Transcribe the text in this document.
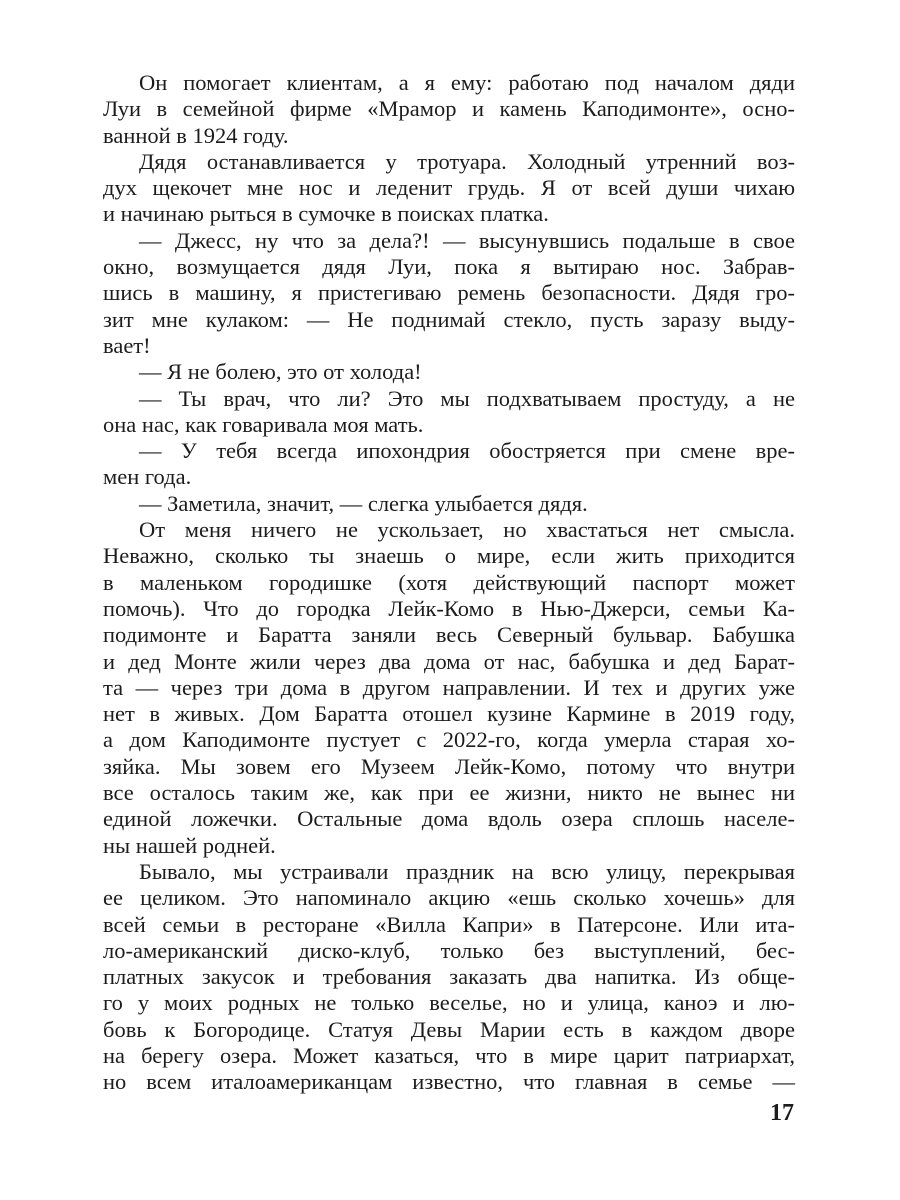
Он помогает клиентам, а я ему: работаю под началом дяди
Луи в семейной фирме «Мрамор и камень Каподимонте», осно-
ванной в 1924 году.
Дядя останавливается у тротуара. Холодный утренний воз-
дух щекочет мне нос и леденит грудь. Я от всей души чихаю
и начинаю рыться в сумочке в поисках платка.
— Джесс, ну что за дела?! — высунувшись подальше в свое
окно, возмущается дядя Луи, пока я вытираю нос. Забрав-
шись в машину, я пристегиваю ремень безопасности. Дядя гро-
зит мне кулаком: — Не поднимай стекло, пусть заразу выду-
вает!
— Я не болею, это от холода!
— Ты врач, что ли? Это мы подхватываем простуду, а не
она нас, как говаривала моя мать.
— У тебя всегда ипохондрия обостряется при смене вре-
мен года.
— Заметила, значит, — слегка улыбается дядя.
От меня ничего не ускользает, но хвастаться нет смысла.
Неважно, сколько ты знаешь о мире, если жить приходится
в маленьком городишке (хотя действующий паспорт может
помочь). Что до городка Лейк-Комо в Нью-Джерси, семьи Ка-
подимонте и Баратта заняли весь Северный бульвар. Бабушка
и дед Монте жили через два дома от нас, бабушка и дед Барат-
та — через три дома в другом направлении. И тех и других уже
нет в живых. Дом Баратта отошел кузине Кармине в 2019 году,
а дом Каподимонте пустует с 2022-го, когда умерла старая хо-
зяйка. Мы зовем его Музеем Лейк-Комо, потому что внутри
все осталось таким же, как при ее жизни, никто не вынес ни
единой ложечки. Остальные дома вдоль озера сплошь населе-
ны нашей родней.
Бывало, мы устраивали праздник на всю улицу, перекрывая
ее целиком. Это напоминало акцию «ешь сколько хочешь» для
всей семьи в ресторане «Вилла Капри» в Патерсоне. Или ита-
ло-американский диско-клуб, только без выступлений, бес-
платных закусок и требования заказать два напитка. Из обще-
го у моих родных не только веселье, но и улица, каноэ и лю-
бовь к Богородице. Статуя Девы Марии есть в каждом дворе
на берегу озера. Может казаться, что в мире царит патриархат,
но всем италоамериканцам известно, что главная в семье —
17
